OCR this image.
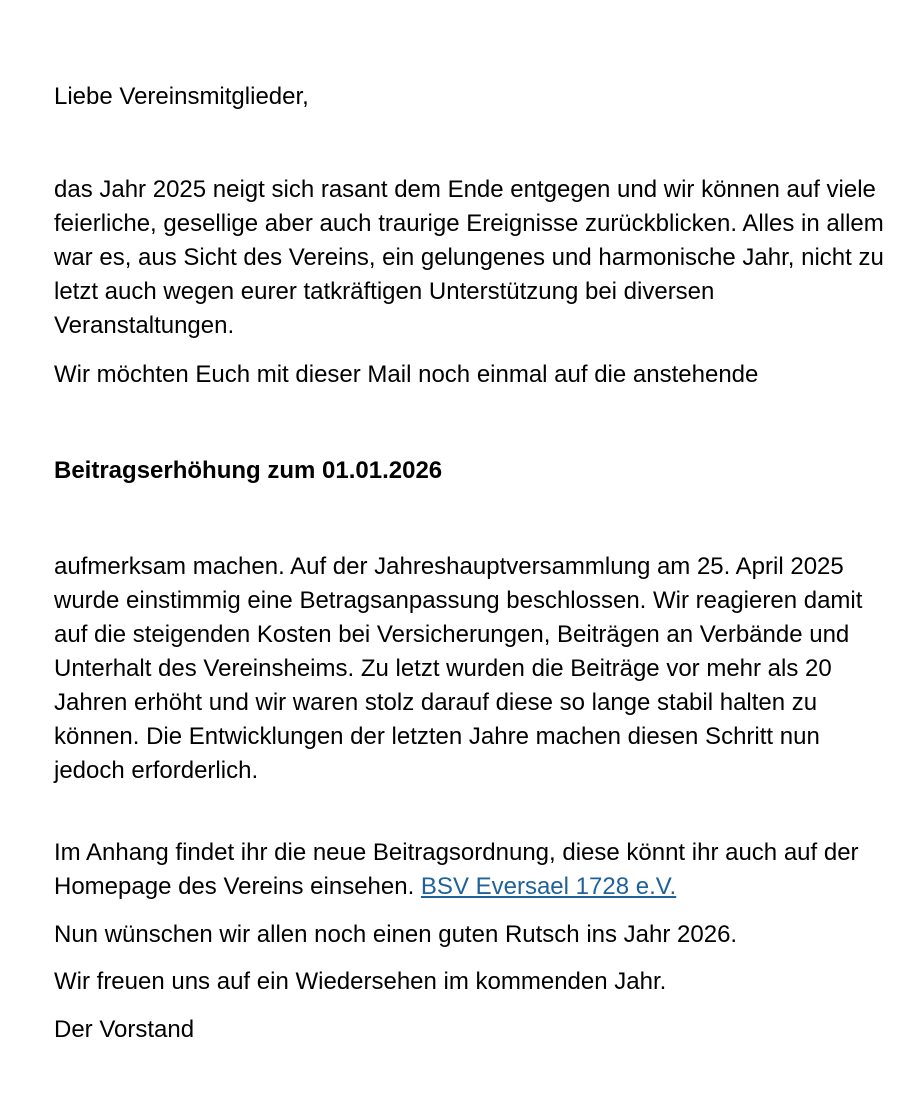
Liebe Vereinsmitglieder,

das Jahr 2025 neigt sich rasant dem Ende entgegen und wir können auf viele feierliche, gesellige aber auch traurige Ereignisse zurückblicken. Alles in allem war es, aus Sicht des Vereins, ein gelungenes und harmonische Jahr, nicht zu letzt auch wegen eurer tatkräftigen Unterstützung bei diversen Veranstaltungen.

Wir möchten Euch mit dieser Mail noch einmal auf die anstehende

Beitragserhöhung zum 01.01.2026

aufmerksam machen. Auf der Jahreshauptversammlung am 25. April 2025 wurde einstimmig eine Betragsanpassung beschlossen. Wir reagieren damit auf die steigenden Kosten bei Versicherungen, Beiträgen an Verbände und Unterhalt des Vereinsheims. Zu letzt wurden die Beiträge vor mehr als 20 Jahren erhöht und wir waren stolz darauf diese so lange stabil halten zu können. Die Entwicklungen der letzten Jahre machen diesen Schritt nun jedoch erforderlich.

Im Anhang findet ihr die neue Beitragsordnung, diese könnt ihr auch auf der Homepage des Vereins einsehen. BSV Eversael 1728 e.V.

Nun wünschen wir allen noch einen guten Rutsch ins Jahr 2026.

Wir freuen uns auf ein Wiedersehen im kommenden Jahr.

Der Vorstand
